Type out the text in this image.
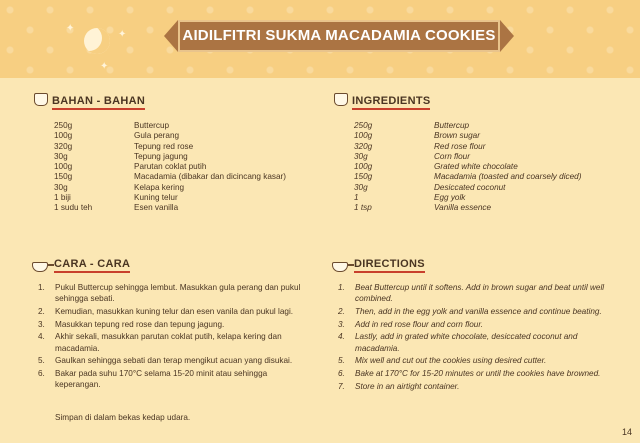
✦
✦
✦
AIDILFITRI SUKMA MACADAMIA COOKIES
BAHAN - BAHAN
250g	Buttercup
100g	Gula perang
320g	Tepung red rose
30g	Tepung jagung
100g	Parutan coklat putih
150g	Macadamia (dibakar dan dicincang kasar)
30g	Kelapa kering
1 biji	Kuning telur
1 sudu teh	Esen vanilla
INGREDIENTS
250g	Buttercup
100g	Brown sugar
320g	Red rose flour
30g	Corn flour
100g	Grated white chocolate
150g	Macadamia (toasted and coarsely diced)
30g	Desiccated coconut
1	Egg yolk
1 tsp	Vanilla essence
CARA - CARA
1. Pukul Buttercup sehingga lembut. Masukkan gula perang dan pukul sehingga sebati.
2. Kemudian, masukkan kuning telur dan esen vanila dan pukul lagi.
3. Masukkan tepung red rose dan tepung jagung.
4. Akhir sekali, masukkan parutan coklat putih, kelapa kering dan macadamia.
5. Gaulkan sehingga sebati dan terap mengikut acuan yang disukai.
6. Bakar pada suhu 170°C selama 15-20 minit atau sehingga keperangan.
Simpan di dalam bekas kedap udara.
DIRECTIONS
1. Beat Buttercup until it softens. Add in brown sugar and beat until well combined.
2. Then, add in the egg yolk and vanilla essence and continue beating.
3. Add in red rose flour and corn flour.
4. Lastly, add in grated white chocolate, desiccated coconut and macadamia.
5. Mix well and cut out the cookies using desired cutter.
6. Bake at 170°C for 15-20 minutes or until the cookies have browned.
7. Store in an airtight container.
14
